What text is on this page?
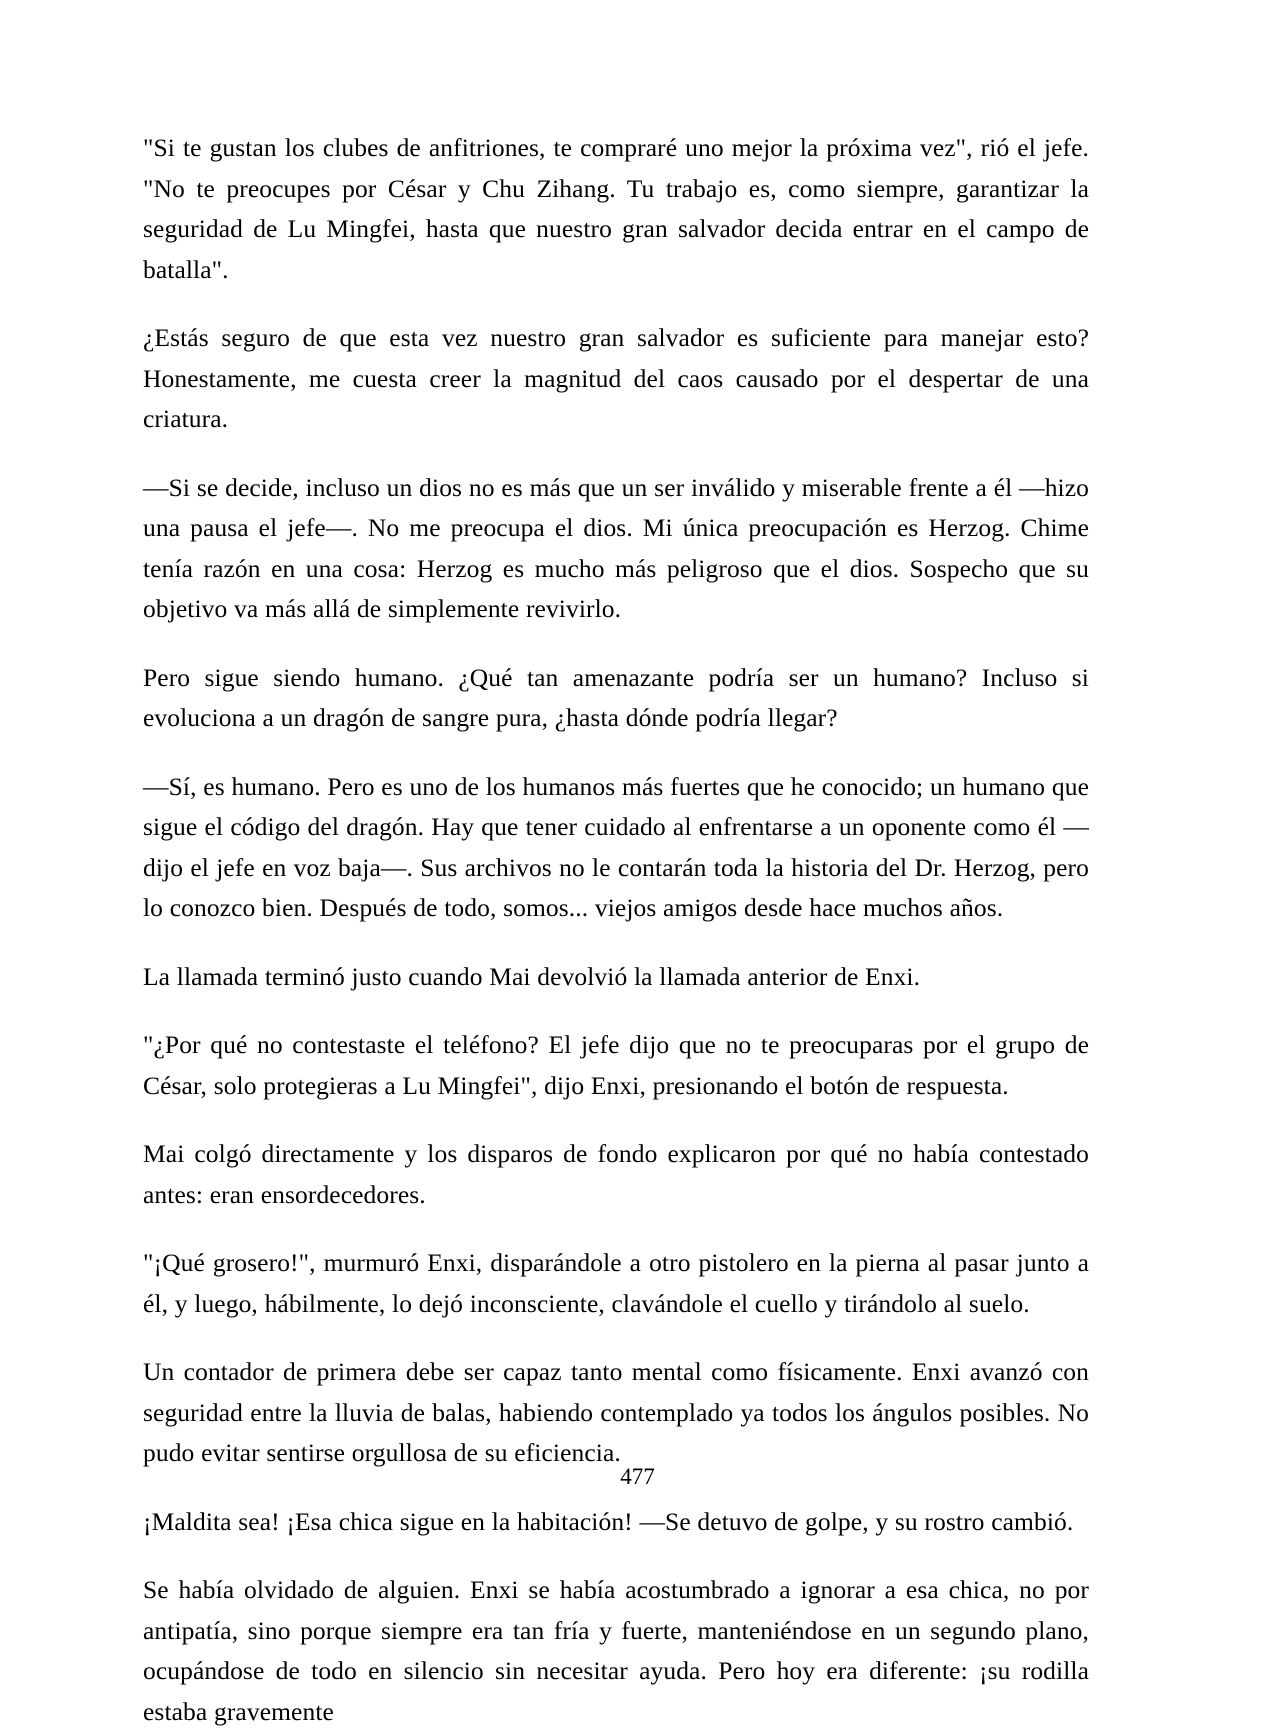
"Si te gustan los clubes de anfitriones, te compraré uno mejor la próxima vez", rió el jefe. "No te preocupes por César y Chu Zihang. Tu trabajo es, como siempre, garantizar la seguridad de Lu Mingfei, hasta que nuestro gran salvador decida entrar en el campo de batalla".

¿Estás seguro de que esta vez nuestro gran salvador es suficiente para manejar esto? Honestamente, me cuesta creer la magnitud del caos causado por el despertar de una criatura.

—Si se decide, incluso un dios no es más que un ser inválido y miserable frente a él —hizo una pausa el jefe—. No me preocupa el dios. Mi única preocupación es Herzog. Chime tenía razón en una cosa: Herzog es mucho más peligroso que el dios. Sospecho que su objetivo va más allá de simplemente revivirlo.

Pero sigue siendo humano. ¿Qué tan amenazante podría ser un humano? Incluso si evoluciona a un dragón de sangre pura, ¿hasta dónde podría llegar?

—Sí, es humano. Pero es uno de los humanos más fuertes que he conocido; un humano que sigue el código del dragón. Hay que tener cuidado al enfrentarse a un oponente como él —dijo el jefe en voz baja—. Sus archivos no le contarán toda la historia del Dr. Herzog, pero lo conozco bien. Después de todo, somos... viejos amigos desde hace muchos años.

La llamada terminó justo cuando Mai devolvió la llamada anterior de Enxi.

"¿Por qué no contestaste el teléfono? El jefe dijo que no te preocuparas por el grupo de César, solo protegieras a Lu Mingfei", dijo Enxi, presionando el botón de respuesta.

Mai colgó directamente y los disparos de fondo explicaron por qué no había contestado antes: eran ensordecedores.

"¡Qué grosero!", murmuró Enxi, disparándole a otro pistolero en la pierna al pasar junto a él, y luego, hábilmente, lo dejó inconsciente, clavándole el cuello y tirándolo al suelo.

Un contador de primera debe ser capaz tanto mental como físicamente. Enxi avanzó con seguridad entre la lluvia de balas, habiendo contemplado ya todos los ángulos posibles. No pudo evitar sentirse orgullosa de su eficiencia.

¡Maldita sea! ¡Esa chica sigue en la habitación! —Se detuvo de golpe, y su rostro cambió.

Se había olvidado de alguien. Enxi se había acostumbrado a ignorar a esa chica, no por antipatía, sino porque siempre era tan fría y fuerte, manteniéndose en un segundo plano, ocupándose de todo en silencio sin necesitar ayuda. Pero hoy era diferente: ¡su rodilla estaba gravemente

477
